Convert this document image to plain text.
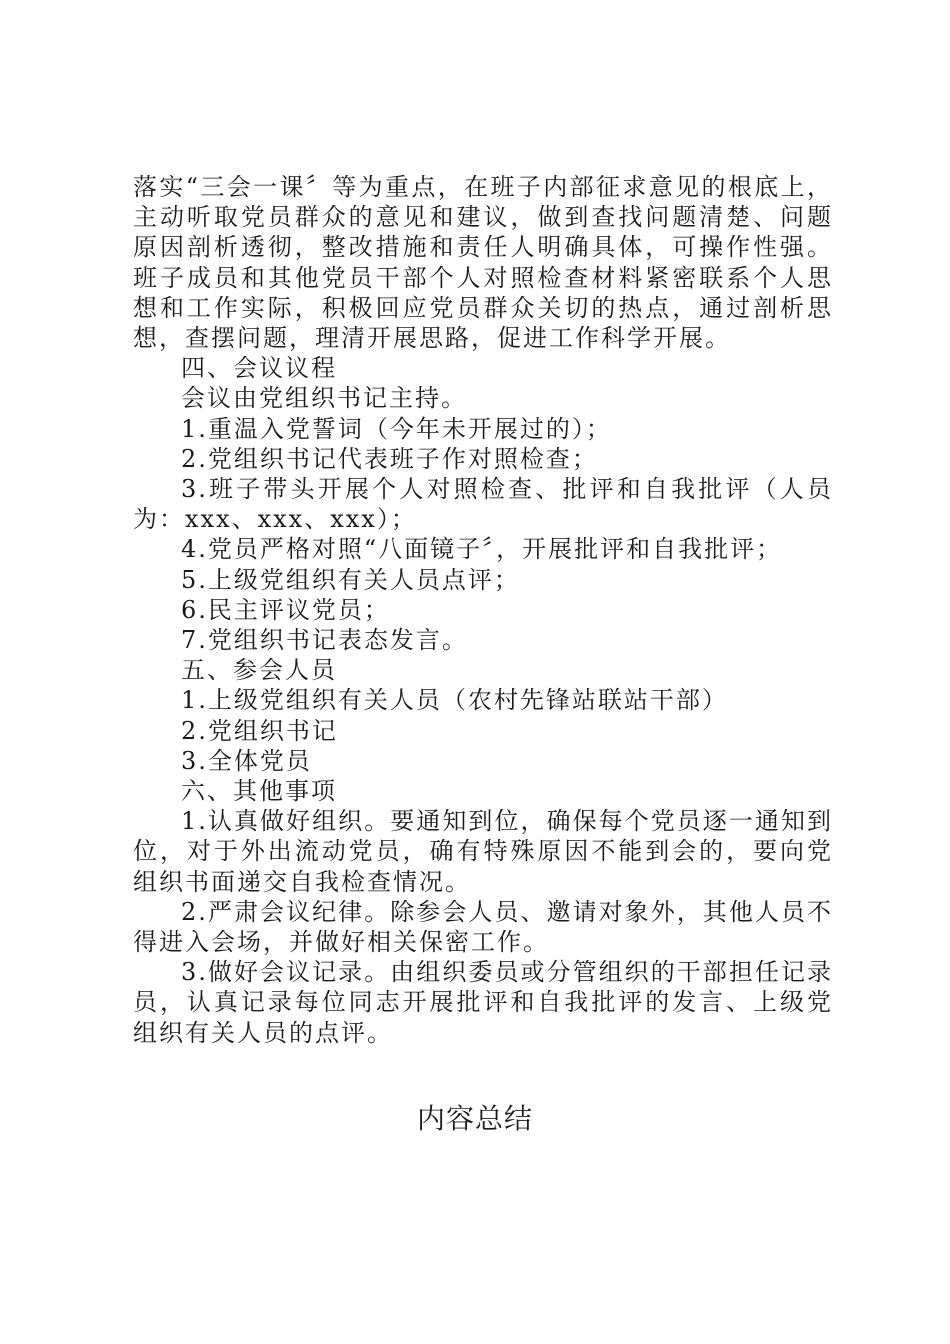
落实“三会一课〞等为重点，在班子内部征求意见的根底上，主动听取党员群众的意见和建议，做到查找问题清楚、问题原因剖析透彻，整改措施和责任人明确具体，可操作性强。班子成员和其他党员干部个人对照检查材料紧密联系个人思想和工作实际，积极回应党员群众关切的热点，通过剖析思想，查摆问题，理清开展思路，促进工作科学开展。

四、会议议程

会议由党组织书记主持。

1.重温入党誓词（今年未开展过的）；

2.党组织书记代表班子作对照检查；

3.班子带头开展个人对照检查、批评和自我批评（人员为：xxx、xxx、xxx）；

4.党员严格对照“八面镜子〞，开展批评和自我批评；

5.上级党组织有关人员点评；

6.民主评议党员；

7.党组织书记表态发言。

五、参会人员

1.上级党组织有关人员（农村先锋站联站干部）

2.党组织书记

3.全体党员

六、其他事项

1.认真做好组织。要通知到位，确保每个党员逐一通知到位，对于外出流动党员，确有特殊原因不能到会的，要向党组织书面递交自我检查情况。

2.严肃会议纪律。除参会人员、邀请对象外，其他人员不得进入会场，并做好相关保密工作。

3.做好会议记录。由组织委员或分管组织的干部担任记录员，认真记录每位同志开展批评和自我批评的发言、上级党组织有关人员的点评。

内容总结
